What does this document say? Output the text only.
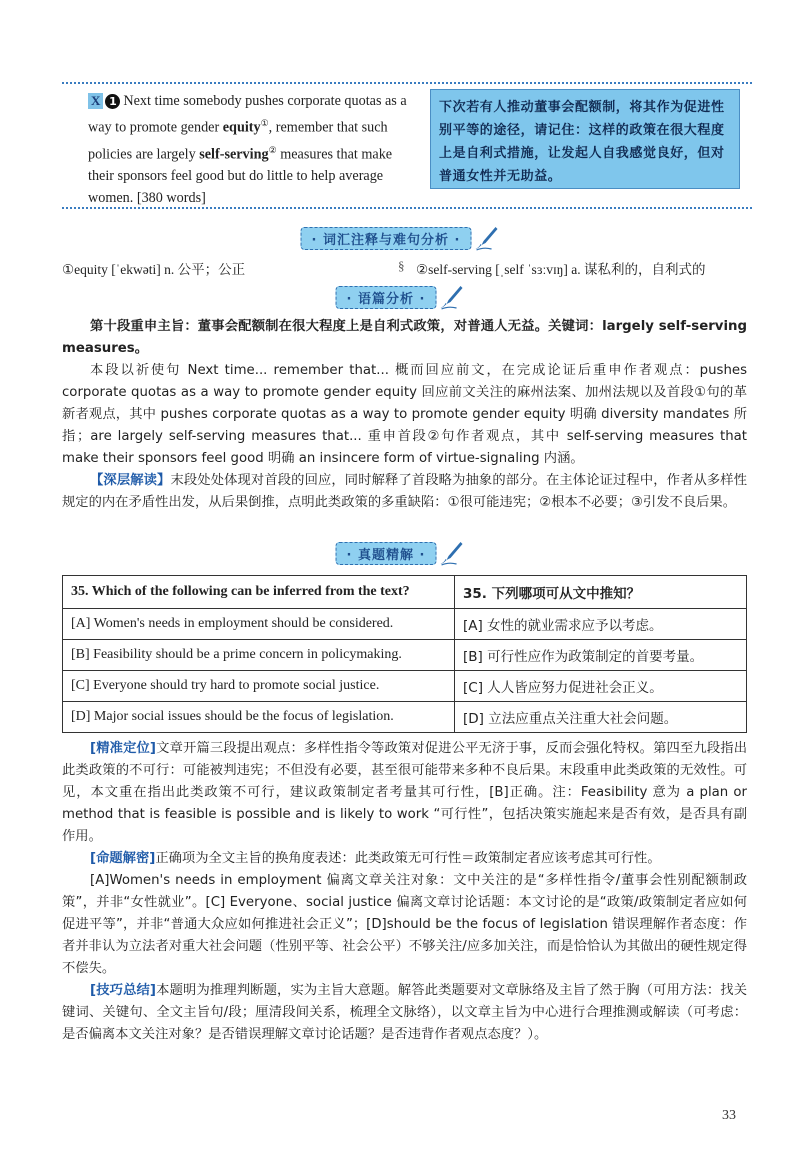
X 1 Next time somebody pushes corporate quotas as a way to promote gender equity①, remember that such policies are largely self-serving② measures that make their sponsors feel good but do little to help average women. [380 words]
下次若有人推动董事会配额制，将其作为促进性别平等的途径，请记住：这样的政策在很大程度上是自利式措施，让发起人自我感觉良好，但对普通女性并无助益。
· 词汇注释与难句分析 ·
①equity [ˈekwəti] n. 公平；公正	§ ②self-serving [ˌself ˈsɜːvɪŋ] a. 谋私利的，自利式的
· 语篇分析 ·
第十段重申主旨：董事会配额制在很大程度上是自利式政策，对普通人无益。关键词：largely self-serving measures。
本段以祈使句 Next time... remember that... 概而回应前文，在完成论证后重申作者观点：pushes corporate quotas as a way to promote gender equity 回应前文关注的麻州法案、加州法规以及首段①句的革新者观点，其中 pushes corporate quotas as a way to promote gender equity 明确 diversity mandates 所指；are largely self-serving measures that... 重申首段②句作者观点，其中 self-serving measures that make their sponsors feel good 明确 an insincere form of virtue-signaling 内涵。
【深层解读】末段处处体现对首段的回应，同时解释了首段略为抽象的部分。在主体论证过程中，作者从多样性规定的内在矛盾性出发，从后果倒推，点明此类政策的多重缺陷：①很可能违宪；②根本不必要；③引发不良后果。
· 真题精解 ·
35. Which of the following can be inferred from the text?	35. 下列哪项可从文中推知？
[A] Women's needs in employment should be considered.	[A] 女性的就业需求应予以考虑。
[B] Feasibility should be a prime concern in policymaking.	[B] 可行性应作为政策制定的首要考量。
[C] Everyone should try hard to promote social justice.	[C] 人人皆应努力促进社会正义。
[D] Major social issues should be the focus of legislation.	[D] 立法应重点关注重大社会问题。
[精准定位]文章开篇三段提出观点：多样性指令等政策对促进公平无济于事，反而会强化特权。第四至九段指出此类政策的不可行：可能被判违宪；不但没有必要，甚至很可能带来多种不良后果。末段重申此类政策的无效性。可见，本文重在指出此类政策不可行，建议政策制定者考量其可行性，[B]正确。注：Feasibility 意为 a plan or method that is feasible is possible and is likely to work “可行性”，包括决策实施起来是否有效，是否具有副作用。
[命题解密]正确项为全文主旨的换角度表述：此类政策无可行性＝政策制定者应该考虑其可行性。
[A]Women's needs in employment 偏离文章关注对象：文中关注的是“多样性指令/董事会性别配额制政策”，并非“女性就业”。[C] Everyone、social justice 偏离文章讨论话题：本文讨论的是“政策/政策制定者应如何促进平等”，并非“普通大众应如何推进社会正义”；[D]should be the focus of legislation 错误理解作者态度：作者并非认为立法者对重大社会问题（性别平等、社会公平）不够关注/应多加关注，而是恰恰认为其做出的硬性规定得不偿失。
[技巧总结]本题明为推理判断题，实为主旨大意题。解答此类题要对文章脉络及主旨了然于胸（可用方法：找关键词、关键句、全文主旨句/段；厘清段间关系，梳理全文脉络），以文章主旨为中心进行合理推测或解读（可考虑：是否偏离本文关注对象？是否错误理解文章讨论话题？是否违背作者观点态度？）。
33
